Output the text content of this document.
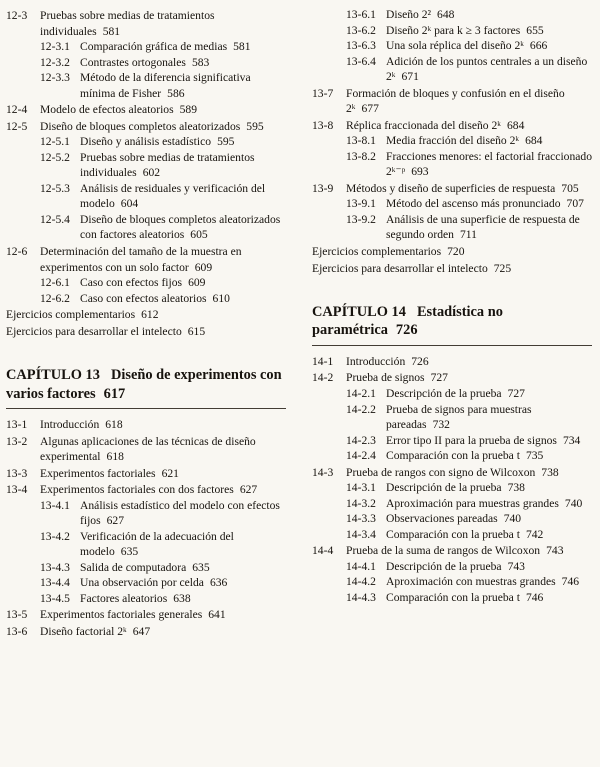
12-3 Pruebas sobre medias de tratamientos individuales 581
12-3.1 Comparación gráfica de medias 581
12-3.2 Contrastes ortogonales 583
12-3.3 Método de la diferencia significativa mínima de Fisher 586
12-4 Modelo de efectos aleatorios 589
12-5 Diseño de bloques completos aleatorizados 595
12-5.1 Diseño y análisis estadístico 595
12-5.2 Pruebas sobre medias de tratamientos individuales 602
12-5.3 Análisis de residuales y verificación del modelo 604
12-5.4 Diseño de bloques completos aleatorizados con factores aleatorios 605
12-6 Determinación del tamaño de la muestra en experimentos con un solo factor 609
12-6.1 Caso con efectos fijos 609
12-6.2 Caso con efectos aleatorios 610
Ejercicios complementarios 612
Ejercicios para desarrollar el intelecto 615
CAPÍTULO 13 Diseño de experimentos con varios factores 617
13-1 Introducción 618
13-2 Algunas aplicaciones de las técnicas de diseño experimental 618
13-3 Experimentos factoriales 621
13-4 Experimentos factoriales con dos factores 627
13-4.1 Análisis estadístico del modelo con efectos fijos 627
13-4.2 Verificación de la adecuación del modelo 635
13-4.3 Salida de computadora 635
13-4.4 Una observación por celda 636
13-4.5 Factores aleatorios 638
13-5 Experimentos factoriales generales 641
13-6 Diseño factorial 2ᵏ 647
13-6.1 Diseño 2² 648
13-6.2 Diseño 2ᵏ para k ≥ 3 factores 655
13-6.3 Una sola réplica del diseño 2ᵏ 666
13-6.4 Adición de los puntos centrales a un diseño 2ᵏ 671
13-7 Formación de bloques y confusión en el diseño 2ᵏ 677
13-8 Réplica fraccionada del diseño 2ᵏ 684
13-8.1 Media fracción del diseño 2ᵏ 684
13-8.2 Fracciones menores: el factorial fraccionado 2ᵏ⁻ᵖ 693
13-9 Métodos y diseño de superficies de respuesta 705
13-9.1 Método del ascenso más pronunciado 707
13-9.2 Análisis de una superficie de respuesta de segundo orden 711
Ejercicios complementarios 720
Ejercicios para desarrollar el intelecto 725
CAPÍTULO 14 Estadística no paramétrica 726
14-1 Introducción 726
14-2 Prueba de signos 727
14-2.1 Descripción de la prueba 727
14-2.2 Prueba de signos para muestras pareadas 732
14-2.3 Error tipo II para la prueba de signos 734
14-2.4 Comparación con la prueba t 735
14-3 Prueba de rangos con signo de Wilcoxon 738
14-3.1 Descripción de la prueba 738
14-3.2 Aproximación para muestras grandes 740
14-3.3 Observaciones pareadas 740
14-3.4 Comparación con la prueba t 742
14-4 Prueba de la suma de rangos de Wilcoxon 743
14-4.1 Descripción de la prueba 743
14-4.2 Aproximación con muestras grandes 746
14-4.3 Comparación con la prueba t 746
